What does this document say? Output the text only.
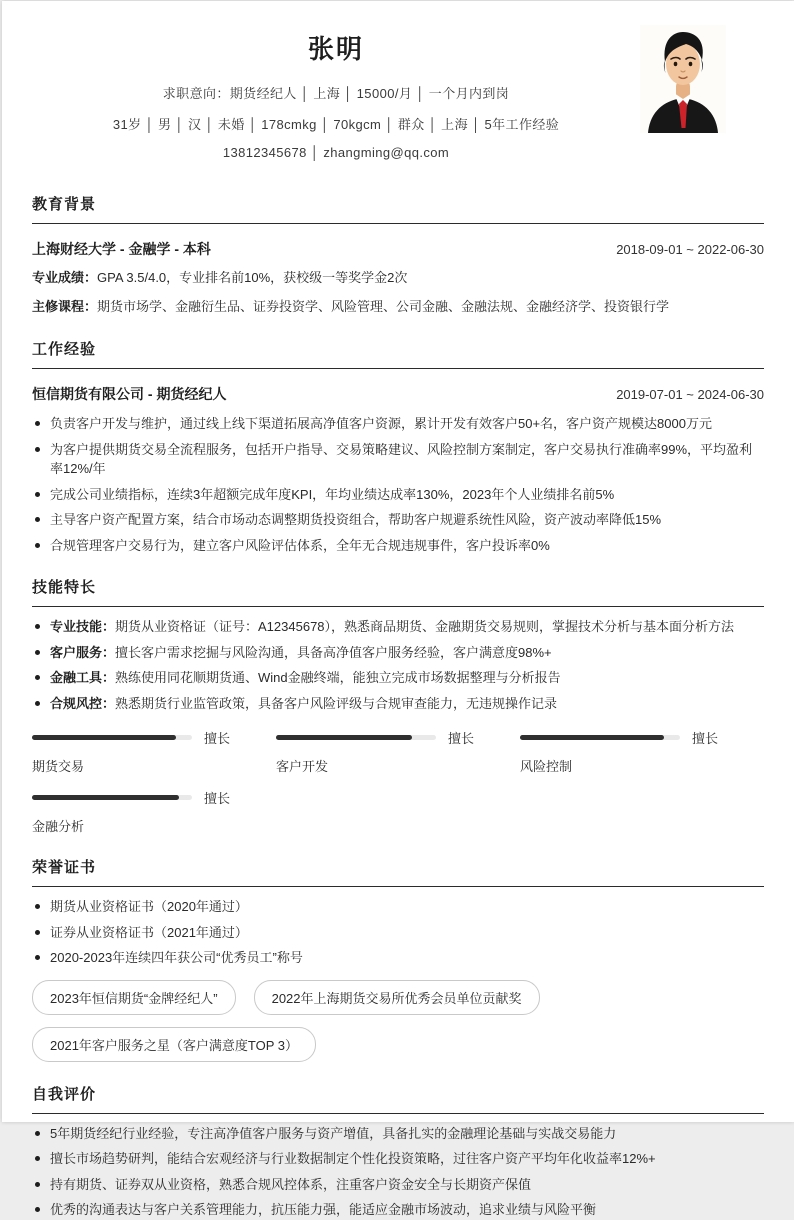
张明
求职意向：期货经纪人 │ 上海 │ 15000/月 │ 一个月内到岗
31岁 │ 男 │ 汉 │ 未婚 │ 178cmkg │ 70kgcm │ 群众 │ 上海 │ 5年工作经验
13812345678 │ zhangming@qq.com
教育背景
上海财经大学 - 金融学 - 本科	2018-09-01 ~ 2022-06-30
专业成绩：GPA 3.5/4.0，专业排名前10%，获校级一等奖学金2次
主修课程：期货市场学、金融衍生品、证券投资学、风险管理、公司金融、金融法规、金融经济学、投资银行学
工作经验
恒信期货有限公司 - 期货经纪人	2019-07-01 ~ 2024-06-30
负责客户开发与维护，通过线上线下渠道拓展高净值客户资源，累计开发有效客户50+名，客户资产规模达8000万元
为客户提供期货交易全流程服务，包括开户指导、交易策略建议、风险控制方案制定，客户交易执行准确率99%，平均盈利率12%/年
完成公司业绩指标，连续3年超额完成年度KPI，年均业绩达成率130%，2023年个人业绩排名前5%
主导客户资产配置方案，结合市场动态调整期货投资组合，帮助客户规避系统性风险，资产波动率降低15%
合规管理客户交易行为，建立客户风险评估体系，全年无合规违规事件，客户投诉率0%
技能特长
专业技能：期货从业资格证（证号：A12345678），熟悉商品期货、金融期货交易规则，掌握技术分析与基本面分析方法
客户服务：擅长客户需求挖掘与风险沟通，具备高净值客户服务经验，客户满意度98%+
金融工具：熟练使用同花顺期货通、Wind金融终端，能独立完成市场数据整理与分析报告
合规风控：熟悉期货行业监管政策，具备客户风险评级与合规审查能力，无违规操作记录
擅长
期货交易
擅长
客户开发
擅长
风险控制
擅长
金融分析
荣誉证书
期货从业资格证书（2020年通过）
证券从业资格证书（2021年通过）
2020-2023年连续四年获公司“优秀员工”称号
2023年恒信期货“金牌经纪人”	2022年上海期货交易所优秀会员单位贡献奖
2021年客户服务之星（客户满意度TOP 3）
自我评价
5年期货经纪行业经验，专注高净值客户服务与资产增值，具备扎实的金融理论基础与实战交易能力
擅长市场趋势研判，能结合宏观经济与行业数据制定个性化投资策略，过往客户资产平均年化收益率12%+
持有期货、证券双从业资格，熟悉合规风控体系，注重客户资金安全与长期资产保值
优秀的沟通表达与客户关系管理能力，抗压能力强，能适应金融市场波动，追求业绩与风险平衡
